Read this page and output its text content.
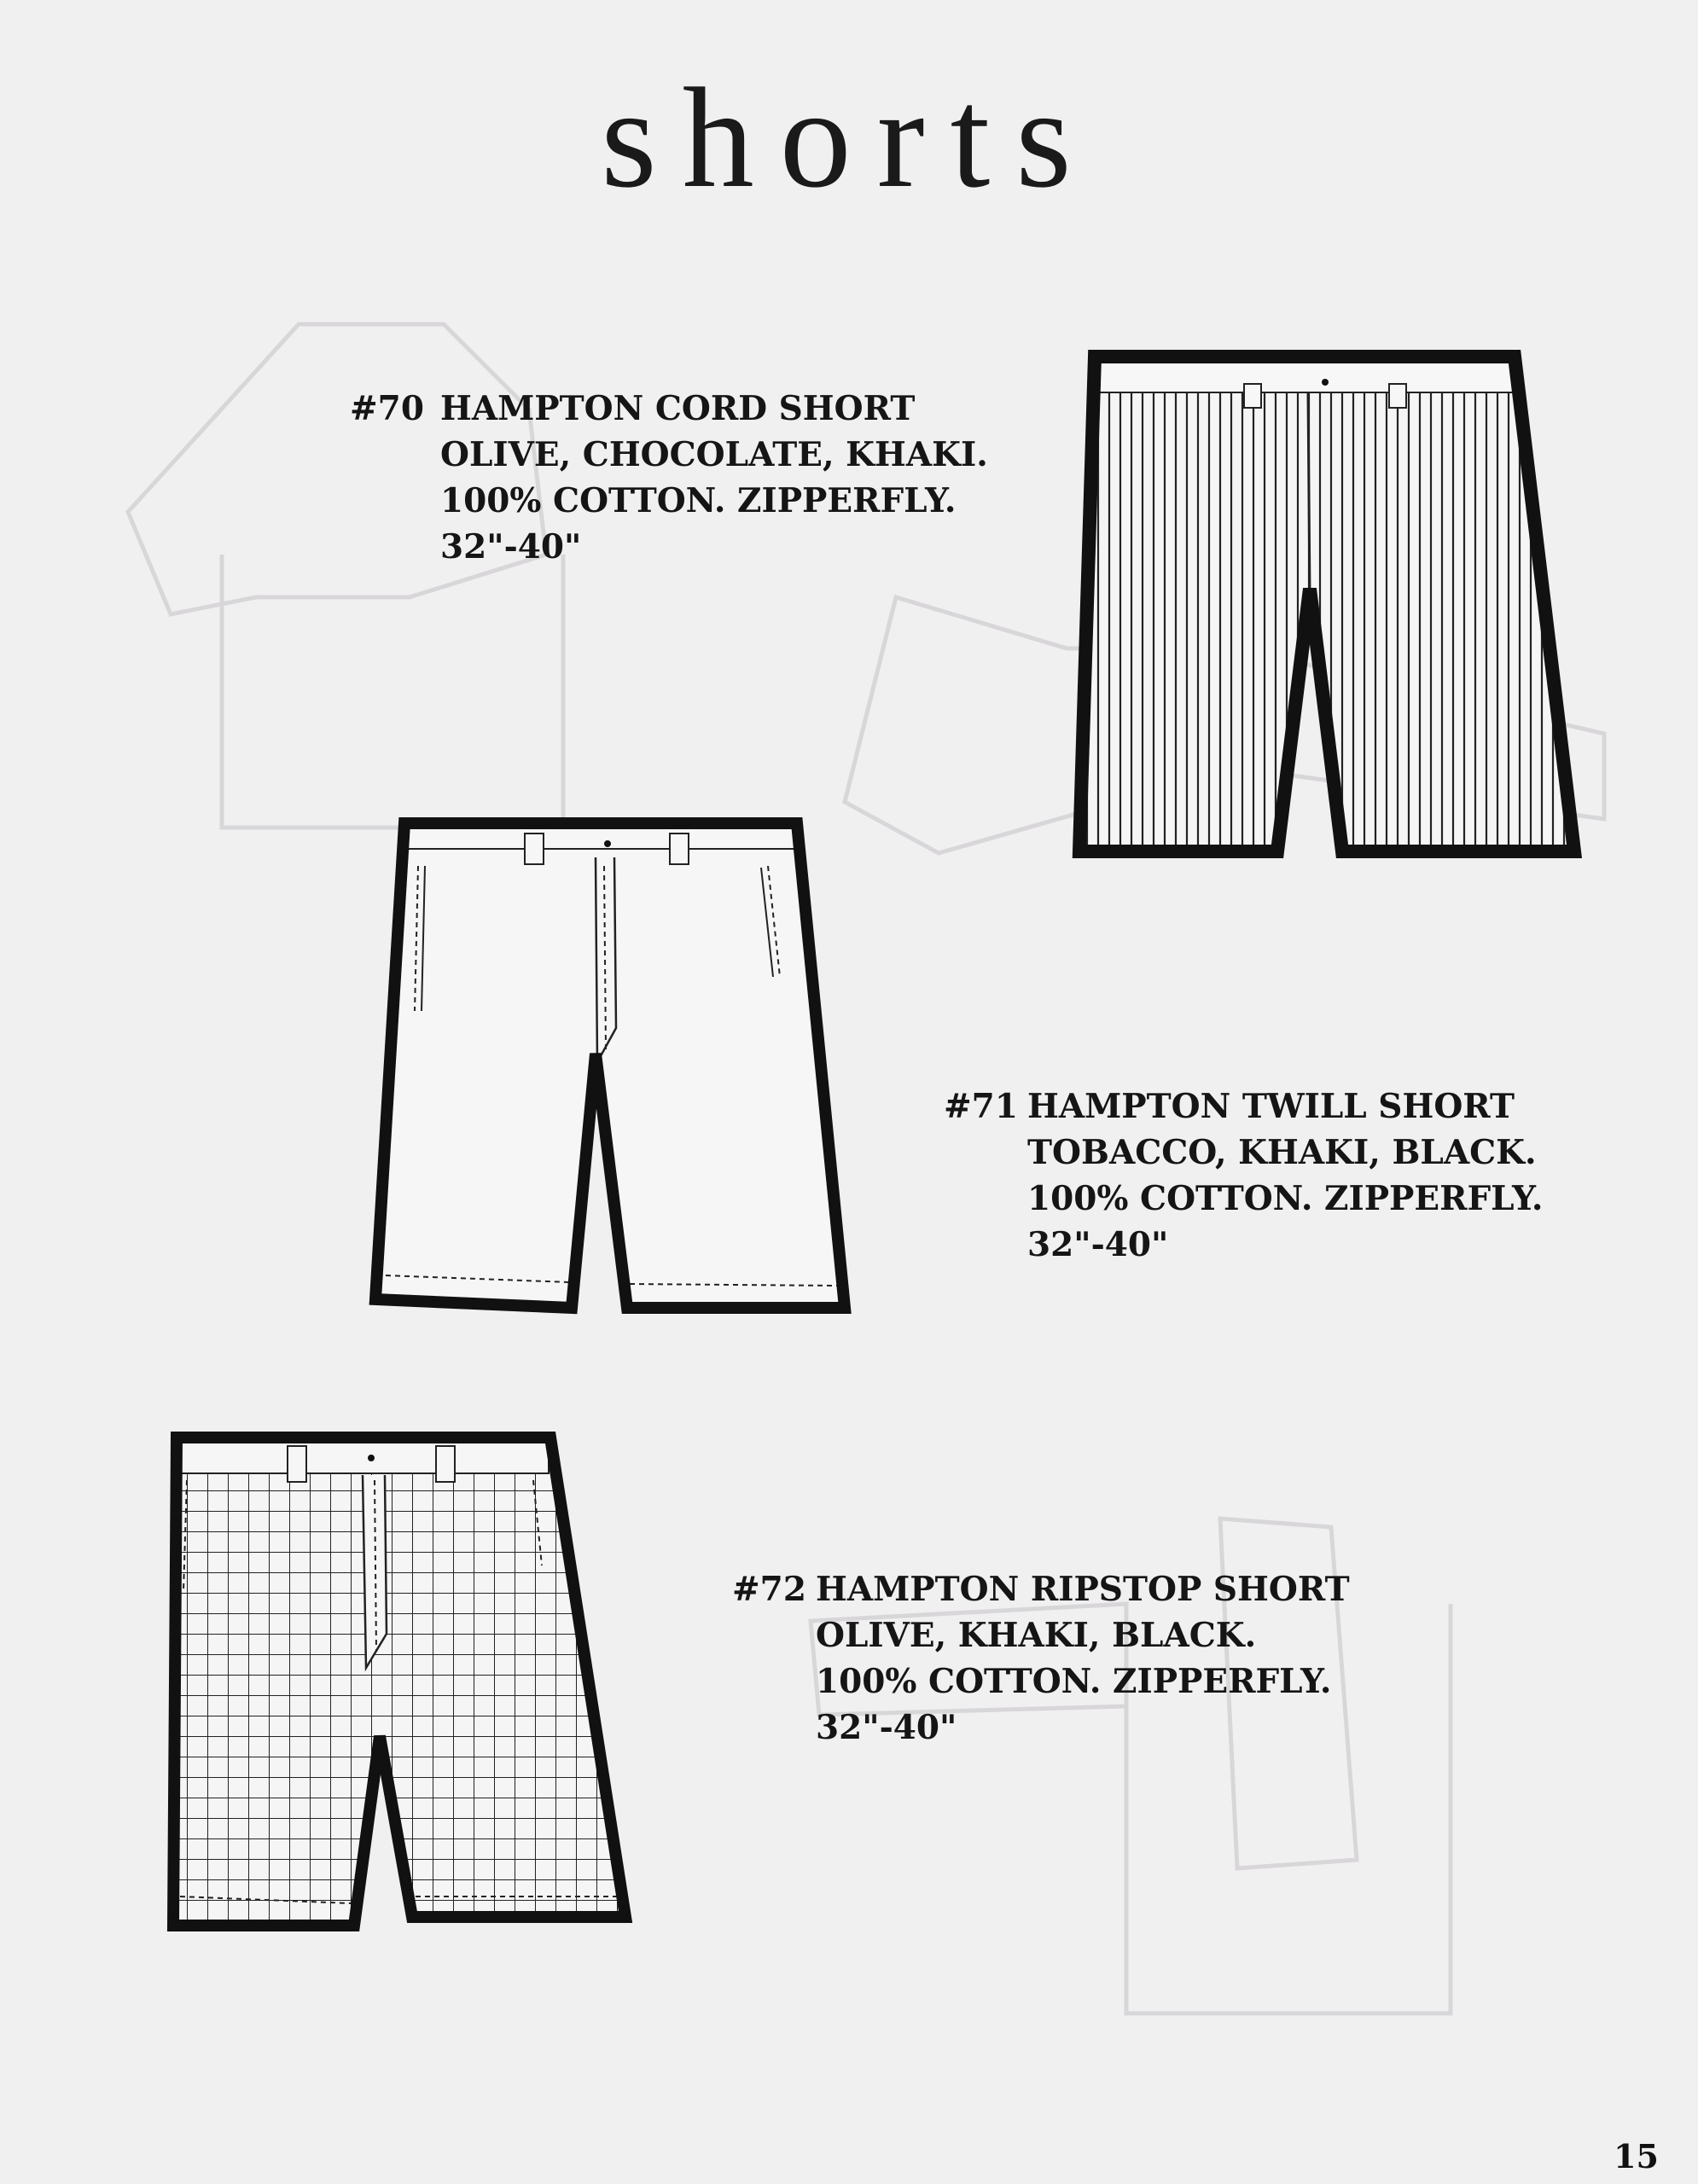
shorts
#70 HAMPTON CORD SHORT
OLIVE, CHOCOLATE, KHAKI.
100% COTTON. ZIPPERFLY.
32"-40"
#71 HAMPTON TWILL SHORT
TOBACCO, KHAKI, BLACK.
100% COTTON. ZIPPERFLY.
32"-40"
#72 HAMPTON RIPSTOP SHORT
OLIVE, KHAKI, BLACK.
100% COTTON. ZIPPERFLY.
32"-40"
15
